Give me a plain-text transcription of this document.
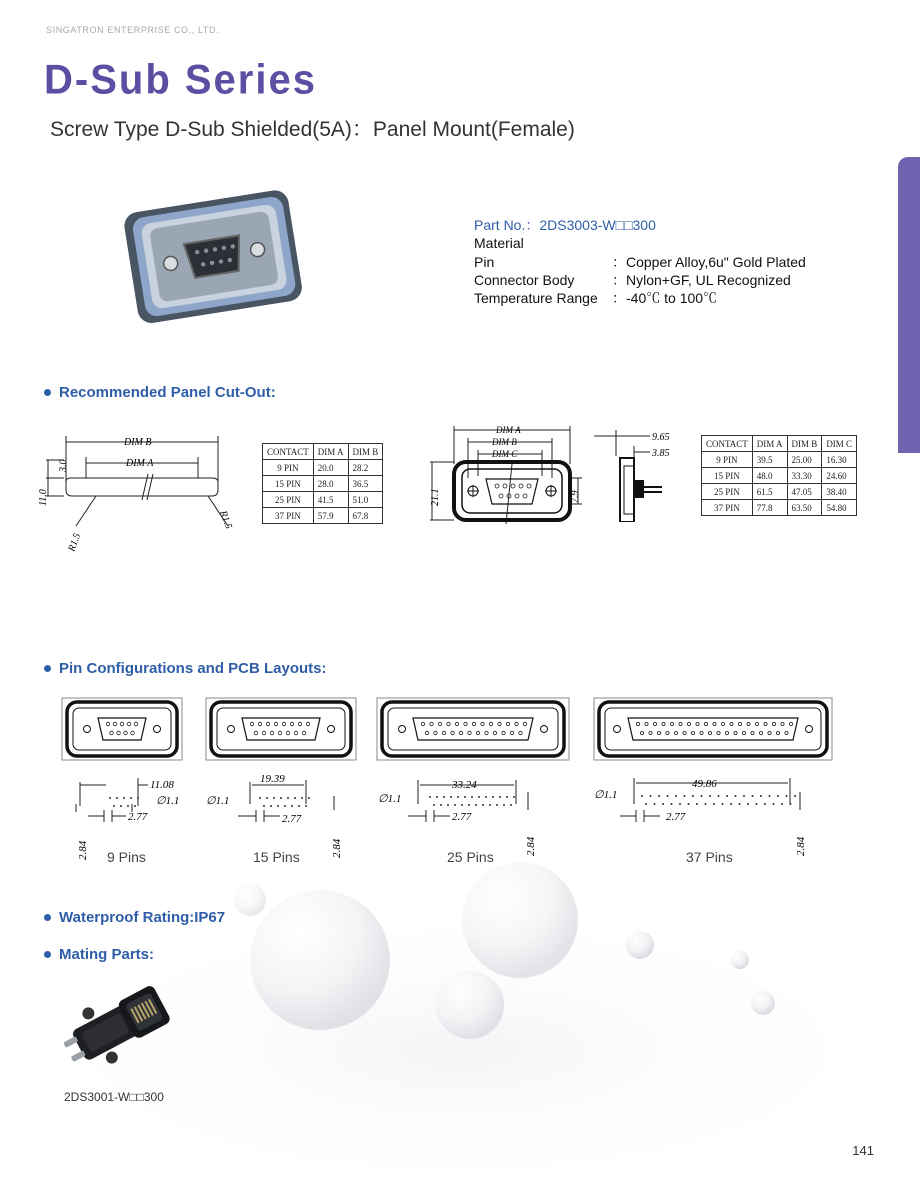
SINGATRON ENTERPRISE CO., LTD.
D-Sub Series
Screw Type D-Sub Shielded(5A)：Panel Mount(Female)
Part No.：2DS3003-W□□300
Material
Pin	：Copper Alloy,6u" Gold Plated
Connector Body	：Nylon+GF, UL Recognized
Temperature Range	：-40℃ to 100℃
Recommended Panel Cut-Out:
DIM B
DIM A
3.0
11.0
R1.5
R1.5
CONTACT	DIM A	DIM B
9 PIN	20.0	28.2
15 PIN	28.0	36.5
25 PIN	41.5	51.0
37 PIN	57.9	67.8
DIM A
DIM B
DIM C
21.1	7.9
9.65
3.85
CONTACT	DIM A	DIM B	DIM C
9 PIN	39.5	25.00	16.30
15 PIN	48.0	33.30	24.60
25 PIN	61.5	47.05	38.40
37 PIN	77.8	63.50	54.80
Pin Configurations and PCB Layouts:
11.08
∅1.1
2.77
2.84
19.39
∅1.1
2.77
2.84
33.24
∅1.1
2.77
2.84
49.86
∅1.1
2.77
2.84
9 Pins	15 Pins	25 Pins	37 Pins
Waterproof Rating:IP67
Mating Parts:
2DS3001-W□□300
141
